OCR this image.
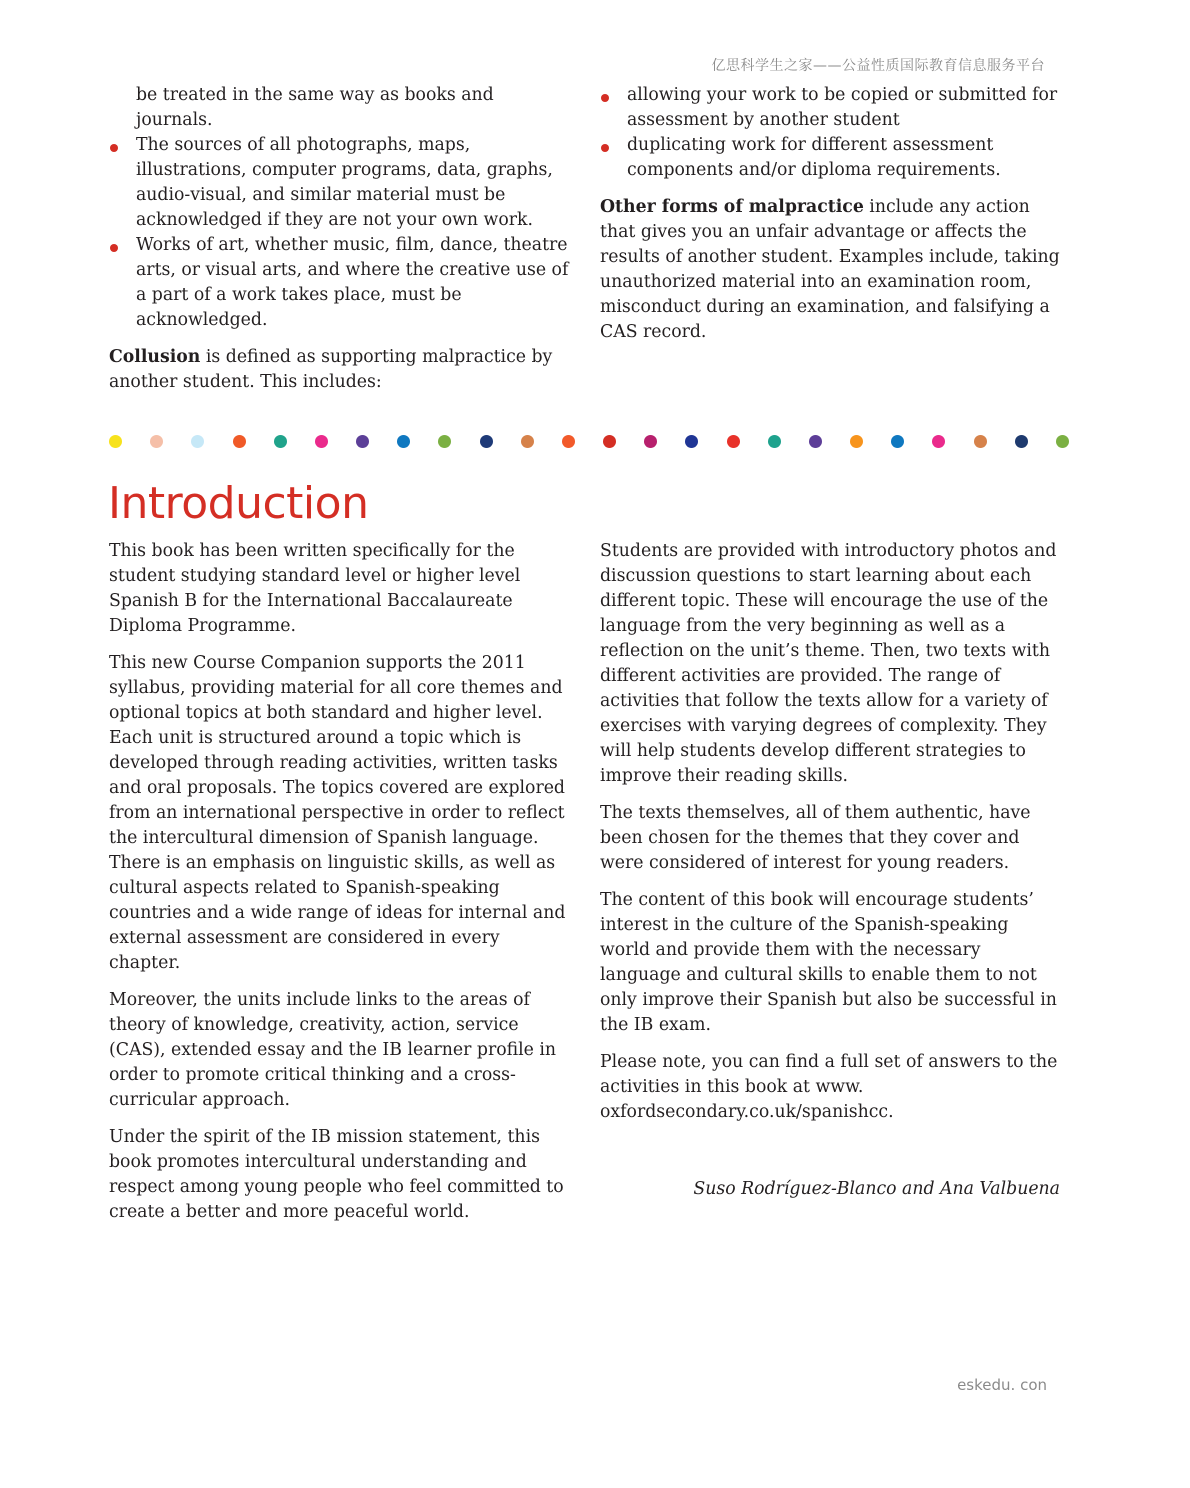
亿思科学生之家——公益性质国际教育信息服务平台

be treated in the same way as books and journals.

The sources of all photographs, maps, illustrations, computer programs, data, graphs, audio-visual, and similar material must be acknowledged if they are not your own work.
Works of art, whether music, film, dance, theatre arts, or visual arts, and where the creative use of a part of a work takes place, must be acknowledged.

Collusion is defined as supporting malpractice by another student. This includes:

allowing your work to be copied or submitted for assessment by another student
duplicating work for different assessment components and/or diploma requirements.

Other forms of malpractice include any action that gives you an unfair advantage or affects the results of another student. Examples include, taking unauthorized material into an examination room, misconduct during an examination, and falsifying a CAS record.

Introduction

This book has been written specifically for the student studying standard level or higher level Spanish B for the International Baccalaureate Diploma Programme.

This new Course Companion supports the 2011 syllabus, providing material for all core themes and optional topics at both standard and higher level. Each unit is structured around a topic which is developed through reading activities, written tasks and oral proposals. The topics covered are explored from an international perspective in order to reflect the intercultural dimension of Spanish language. There is an emphasis on linguistic skills, as well as cultural aspects related to Spanish-speaking countries and a wide range of ideas for internal and external assessment are considered in every chapter.

Moreover, the units include links to the areas of theory of knowledge, creativity, action, service (CAS), extended essay and the IB learner profile in order to promote critical thinking and a cross-curricular approach.

Under the spirit of the IB mission statement, this book promotes intercultural understanding and respect among young people who feel committed to create a better and more peaceful world.

Students are provided with introductory photos and discussion questions to start learning about each different topic. These will encourage the use of the language from the very beginning as well as a reflection on the unit’s theme. Then, two texts with different activities are provided. The range of activities that follow the texts allow for a variety of exercises with varying degrees of complexity. They will help students develop different strategies to improve their reading skills.

The texts themselves, all of them authentic, have been chosen for the themes that they cover and were considered of interest for young readers.

The content of this book will encourage students’ interest in the culture of the Spanish-speaking world and provide them with the necessary language and cultural skills to enable them to not only improve their Spanish but also be successful in the IB exam.

Please note, you can find a full set of answers to the activities in this book at www. oxfordsecondary.co.uk/spanishcc.

Suso Rodríguez-Blanco and Ana Valbuena

eskedu. con
